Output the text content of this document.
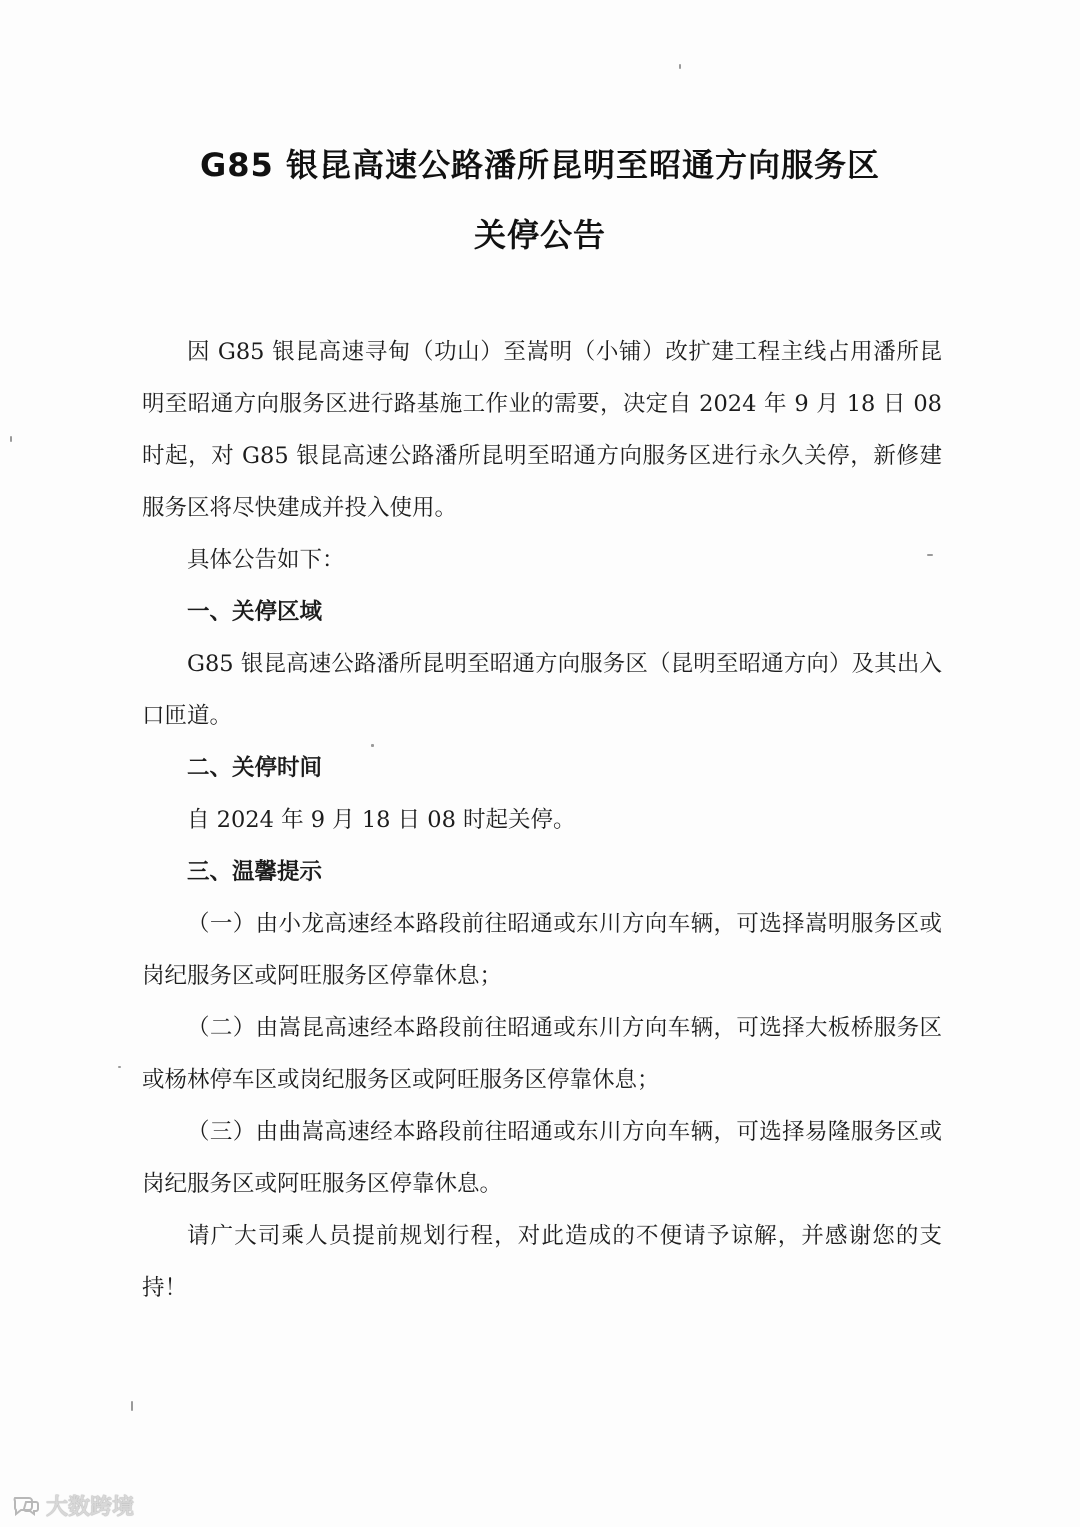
G85 银昆高速公路潘所昆明至昭通方向服务区
关停公告

因 G85 银昆高速寻甸（功山）至嵩明（小铺）改扩建工程主线占用潘所昆明至昭通方向服务区进行路基施工作业的需要，决定自 2024 年 9 月 18 日 08 时起，对 G85 银昆高速公路潘所昆明至昭通方向服务区进行永久关停，新修建服务区将尽快建成并投入使用。

具体公告如下：

一、关停区域

G85 银昆高速公路潘所昆明至昭通方向服务区（昆明至昭通方向）及其出入口匝道。

二、关停时间

自 2024 年 9 月 18 日 08 时起关停。

三、温馨提示

（一）由小龙高速经本路段前往昭通或东川方向车辆，可选择嵩明服务区或岗纪服务区或阿旺服务区停靠休息；

（二）由嵩昆高速经本路段前往昭通或东川方向车辆，可选择大板桥服务区或杨林停车区或岗纪服务区或阿旺服务区停靠休息；

（三）由曲嵩高速经本路段前往昭通或东川方向车辆，可选择易隆服务区或岗纪服务区或阿旺服务区停靠休息。

请广大司乘人员提前规划行程，对此造成的不便请予谅解，并感谢您的支持！

大数跨境
